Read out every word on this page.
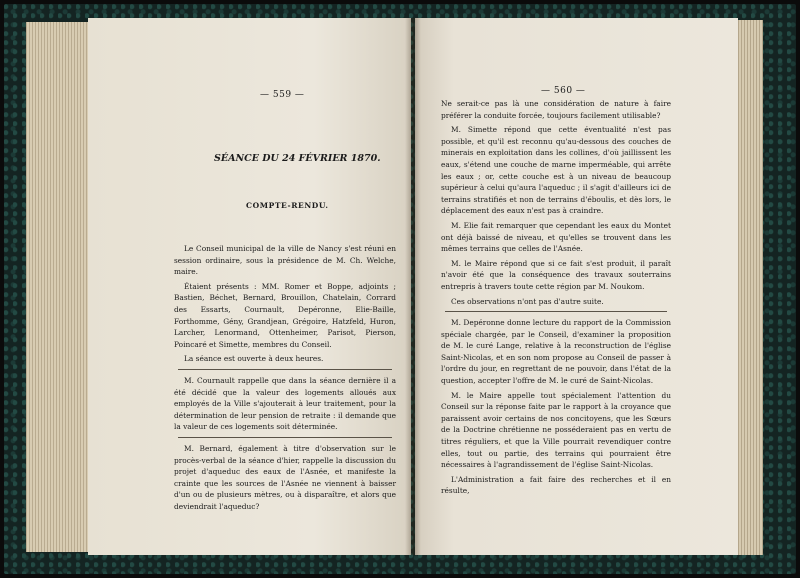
— 559 —
SÉANCE DU 24 FÉVRIER 1870.
COMPTE-RENDU.

Le Conseil municipal de la ville de Nancy s'est réuni en session ordinaire, sous la présidence de M. Ch. Welche, maire.

Étaient présents : MM. Romer et Boppe, adjoints ; Bastien, Béchet, Bernard, Brouillon, Chatelain, Corrard des Essarts, Cournault, Depéronne, Elie-Baille, Forthomme, Gény, Grandjean, Grégoire, Hatzfeld, Huron, Larcher, Lenormand, Ottenheimer, Parisot, Pierson, Poincaré et Simette, membres du Conseil.

La séance est ouverte à deux heures.

M. Cournault rappelle que dans la séance dernière il a été décidé que la valeur des logements alloués aux employés de la Ville s'ajouterait à leur traitement, pour la détermination de leur pension de retraite : il demande que la valeur de ces logements soit déterminée.

M. Bernard, également à titre d'observation sur le procès-verbal de la séance d'hier, rappelle la discussion du projet d'aqueduc des eaux de l'Asnée, et manifeste la crainte que les sources de l'Asnée ne viennent à baisser d'un ou de plusieurs mètres, ou à disparaître, et alors que deviendrait l'aqueduc?

— 560 —

Ne serait-ce pas là une considération de nature à faire préférer la conduite forcée, toujours facilement utilisable?

M. Simette répond que cette éventualité n'est pas possible, et qu'il est reconnu qu'au-dessous des couches de minerais en exploitation dans les collines, d'où jaillissent les eaux, s'étend une couche de marne imperméable, qui arrête les eaux ; or, cette couche est à un niveau de beaucoup supérieur à celui qu'aura l'aqueduc ; il s'agit d'ailleurs ici de terrains stratifiés et non de terrains d'éboulis, et dès lors, le déplacement des eaux n'est pas à craindre.

M. Elie fait remarquer que cependant les eaux du Montet ont déjà baissé de niveau, et qu'elles se trouvent dans les mêmes terrains que celles de l'Asnée.

M. le Maire répond que si ce fait s'est produit, il paraît n'avoir été que la conséquence des travaux souterrains entrepris à travers toute cette région par M. Noukom.

Ces observations n'ont pas d'autre suite.

M. Depéronne donne lecture du rapport de la Commission spéciale chargée, par le Conseil, d'examiner la proposition de M. le curé Lange, relative à la reconstruction de l'église Saint-Nicolas, et en son nom propose au Conseil de passer à l'ordre du jour, en regrettant de ne pouvoir, dans l'état de la question, accepter l'offre de M. le curé de Saint-Nicolas.

M. le Maire appelle tout spécialement l'attention du Conseil sur la réponse faite par le rapport à la croyance que paraissent avoir certains de nos concitoyens, que les Sœurs de la Doctrine chrétienne ne posséderaient pas en vertu de titres réguliers, et que la Ville pourrait revendiquer contre elles, tout ou partie, des terrains qui pourraient être nécessaires à l'agrandissement de l'église Saint-Nicolas.

L'Administration a fait faire des recherches et il en résulte,
